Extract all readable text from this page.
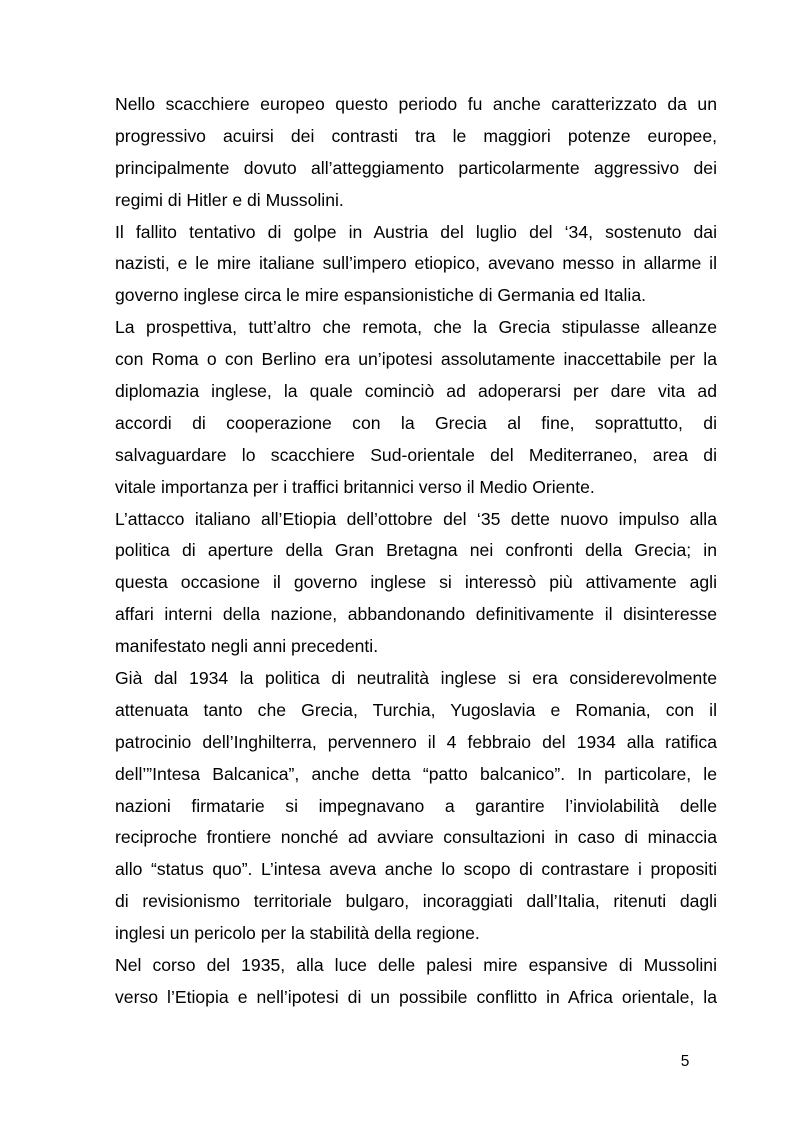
Nello scacchiere europeo questo periodo fu anche caratterizzato da un
progressivo acuirsi dei contrasti tra le maggiori potenze europee,
principalmente dovuto all’atteggiamento particolarmente aggressivo dei
regimi di Hitler e di Mussolini.
Il fallito tentativo di golpe in Austria del luglio del ‘34, sostenuto dai
nazisti, e le mire italiane sull’impero etiopico, avevano messo in allarme il
governo inglese circa le mire espansionistiche di Germania ed Italia.
La prospettiva, tutt’altro che remota, che la Grecia stipulasse alleanze
con Roma o con Berlino era un’ipotesi assolutamente inaccettabile per la
diplomazia inglese, la quale cominciò ad adoperarsi per dare vita ad
accordi di cooperazione con la Grecia al fine, soprattutto, di
salvaguardare lo scacchiere Sud-orientale del Mediterraneo, area di
vitale importanza per i traffici britannici verso il Medio Oriente.
L’attacco italiano all’Etiopia dell’ottobre del ‘35 dette nuovo impulso alla
politica di aperture della Gran Bretagna nei confronti della Grecia; in
questa occasione il governo inglese si interessò più attivamente agli
affari interni della nazione, abbandonando definitivamente il disinteresse
manifestato negli anni precedenti.
Già dal 1934 la politica di neutralità inglese si era considerevolmente
attenuata tanto che Grecia, Turchia, Yugoslavia e Romania, con il
patrocinio dell’Inghilterra, pervennero il 4 febbraio del 1934 alla ratifica
dell’”Intesa Balcanica”, anche detta “patto balcanico”. In particolare, le
nazioni firmatarie si impegnavano a garantire l’inviolabilità delle
reciproche frontiere nonché ad avviare consultazioni in caso di minaccia
allo “status quo”. L’intesa aveva anche lo scopo di contrastare i propositi
di revisionismo territoriale bulgaro, incoraggiati dall’Italia, ritenuti dagli
inglesi un pericolo per la stabilità della regione.
Nel corso del 1935, alla luce delle palesi mire espansive di Mussolini
verso l’Etiopia e nell’ipotesi di un possibile conflitto in Africa orientale, la
5
